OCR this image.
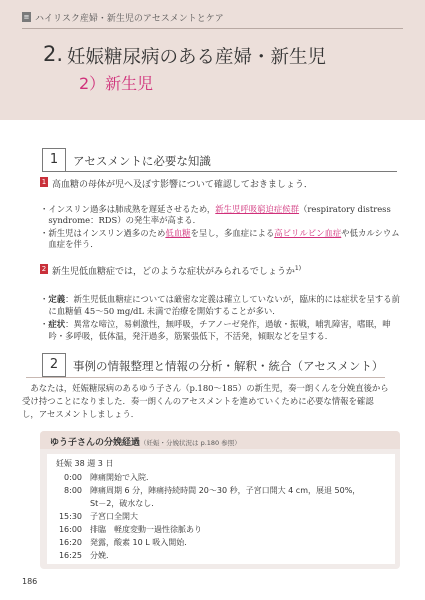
≡ ハイリスク産婦・新生児のアセスメントとケア
2. 妊娠糖尿病のある産婦・新生児
2）新生児
1	アセスメントに必要な知識
1 高血糖の母体が児へ及ぼす影響について確認しておきましょう．
・インスリン過多は肺成熟を遅延させるため，新生児呼吸窮迫症候群（respiratory distress
　syndrome：RDS）の発生率が高まる．
・新生児はインスリン過多のため低血糖を呈し，多血症による高ビリルビン血症や低カルシウム
　血症を伴う．
2 新生児低血糖症では，どのような症状がみられるでしょうか$^{1)}$
・定義：新生児低血糖症については厳密な定義は確立していないが，臨床的には症状を呈する前
　に血糖値 45～50 mg/dL 未満で治療を開始することが多い．
・症状：異常な啼泣，易刺激性，無呼吸，チアノーゼ発作，過敏・振戦，哺乳障害，嗜眠，呻
　吟・多呼吸，低体温，発汗過多，筋緊張低下，不活発，傾眠などを呈する．
2	事例の情報整理と情報の分析・解釈・統合（アセスメント）
　あなたは，妊娠糖尿病のあるゆう子さん（p.180～185）の新生児，奏一朗くんを分娩直後から
受け持つことになりました．奏一朗くんのアセスメントを進めていくために必要な情報を確認
し，アセスメントしましょう．
ゆう子さんの分娩経過（妊娠・分娩状況は p.180 参照）
妊娠 38 週 3 日
0:00 陣痛開始で入院．
8:00 陣痛周期 6 分，陣痛持続時間 20～30 秒，子宮口開大 4 cm，展退 50%，
St－2，破水なし．
15:30 子宮口全開大
16:00 排臨　軽度変動一過性徐脈あり
16:20 発露，酸素 10 L 吸入開始．
16:25 分娩．
186
